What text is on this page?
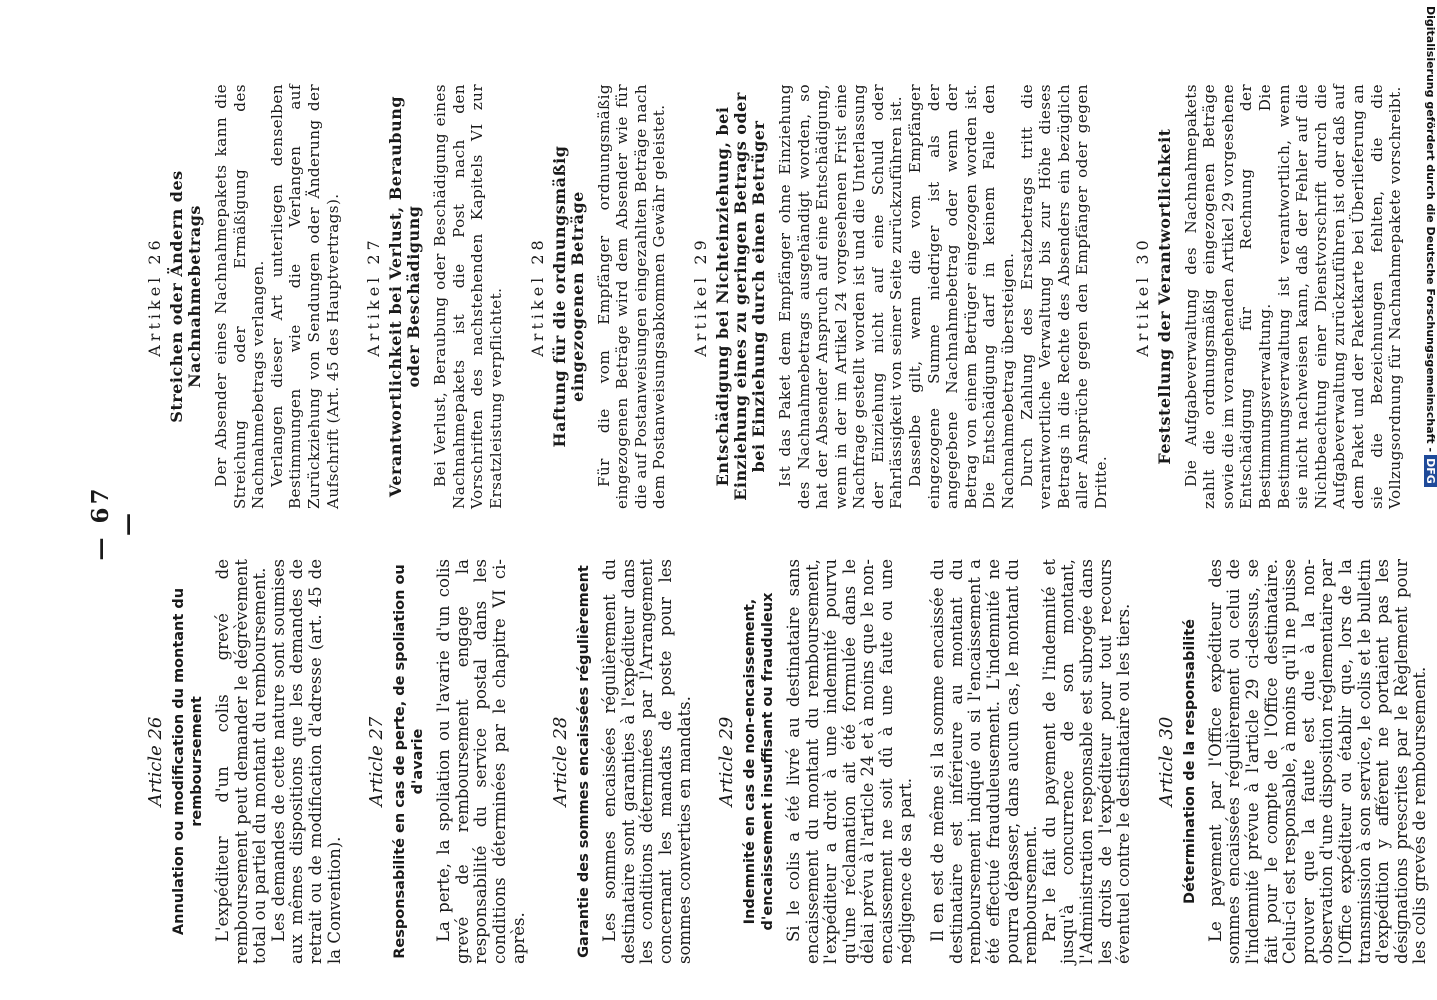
— 67 —
Article 26 Annulation ou modification du montant du remboursement L'expéditeur d'un colis grevé de remboursement peut demander le dégrèvement total ou partiel du montant du remboursement. Les demandes de cette nature sont soumises aux mêmes dispositions que les demandes de retrait ou de modification d'adresse (art. 45 de la Convention).

Article 27 Responsabilité en cas de perte, de spoliation ou d'avarie La perte, la spoliation ou l'avarie d'un colis grevé de remboursement engage la responsabilité du service postal dans les conditions déterminées par le chapitre VI ci-après.

Article 28 Garantie des sommes encaissées régulièrement Les sommes encaissées régulièrement du destinataire sont garanties à l'expéditeur dans les conditions déterminées par l'Arrangement concernant les mandats de poste pour les sommes converties en mandats. Article 29 Indemnité en cas de non-encaissement, d'encaissement insuffisant ou frauduleux Si le colis a été livré au destinataire sans encaissement du montant du remboursement, l'expéditeur a droit à une indemnité pourvu qu'une réclamation ait été formulée dans le délai prévu à l'article 24 et à moins que le non-encaissement ne soit dû à une faute ou une négligence de sa part. Il en est de même si la somme encaissée du destinataire est inférieure au montant du remboursement indiqué ou si l'encaissement a été effectué frauduleusement. L'indemnité ne pourra dépasser, dans aucun cas, le montant du remboursement. Par le fait du payement de l'indemnité et jusqu'à concurrence de son montant, l'Administration responsable est subrogée dans les droits de l'expéditeur pour tout recours éventuel contre le destinataire ou les tiers. Article 30 Détermination de la responsabilité Le payement par l'Office expéditeur des sommes encaissées régulièrement ou celui de l'indemnité prévue à l'article 29 ci-dessus, se fait pour le compte de l'Office destinataire. Celui-ci est responsable, à moins qu'il ne puisse prouver que la faute est due à la non-observation d'une disposition réglementaire par l'Office expéditeur ou établir que, lors de la transmission à son service, le colis et le bulletin d'expédition y afférent ne portaient pas les désignations prescrites par le Règlement pour les colis grevés de remboursement.

Artikel 26 Streichen oder Ändern des Nachnahmebetrags Der Absender eines Nachnahmepakets kann die Streichung oder Ermäßigung des Nachnahmebetrags verlangen. Verlangen dieser Art unterliegen denselben Bestimmungen wie die Verlangen auf Zurückziehung von Sendungen oder Änderung der Aufschrift (Art. 45 des Hauptvertrags). Artikel 27 Verantwortlichkeit bei Verlust, Beraubung oder Beschädigung Bei Verlust, Beraubung oder Beschädigung eines Nachnahmepakets ist die Post nach den Vorschriften des nachstehenden Kapitels VI zur Ersatzleistung verpflichtet. Artikel 28 Haftung für die ordnungsmäßig eingezogenen Beträge Für die vom Empfänger ordnungsmäßig eingezogenen Beträge wird dem Absender wie für die auf Postanweisungen eingezahlten Beträge nach dem Postanweisungsabkommen Gewähr geleistet. Artikel 29 Entschädigung bei Nichteinziehung, bei Einziehung eines zu geringen Betrags oder bei Einziehung durch einen Betrüger Ist das Paket dem Empfänger ohne Einziehung des Nachnahmebetrags ausgehändigt worden, so hat der Absender Anspruch auf eine Entschädigung, wenn in der im Artikel 24 vorgesehenen Frist eine Nachfrage gestellt worden ist und die Unterlassung der Einziehung nicht auf eine Schuld oder Fahrlässigkeit von seiner Seite zurückzuführen ist. Dasselbe gilt, wenn die vom Empfänger eingezogene Summe niedriger ist als der angegebene Nachnahmebetrag oder wenn der Betrag von einem Betrüger eingezogen worden ist. Die Entschädigung darf in keinem Falle den Nachnahmebetrag übersteigen. Durch Zahlung des Ersatzbetrags tritt die verantwortliche Verwaltung bis zur Höhe dieses Betrags in die Rechte des Absenders ein bezüglich aller Ansprüche gegen den Empfänger oder gegen Dritte.

Artikel 30 Feststellung der Verantwortlichkeit Die Aufgabeverwaltung des Nachnahmepakets zahlt die ordnungsmäßig eingezogenen Beträge sowie die im vorangehenden Artikel 29 vorgesehene Entschädigung für Rechnung der Bestimmungsverwaltung. Die Bestimmungsverwaltung ist verantwortlich, wenn sie nicht nachweisen kann, daß der Fehler auf die Nichtbeachtung einer Dienstvorschrift durch die Aufgabeverwaltung zurückzuführen ist oder daß auf dem Paket und der Paketkarte bei Überlieferung an sie die Bezeichnungen fehlten, die die Vollzugsordnung für Nachnahmepakete vorschreibt. Digitalisierung gefördert durch die Deutsche Forschungsgemeinschaft -DFG
